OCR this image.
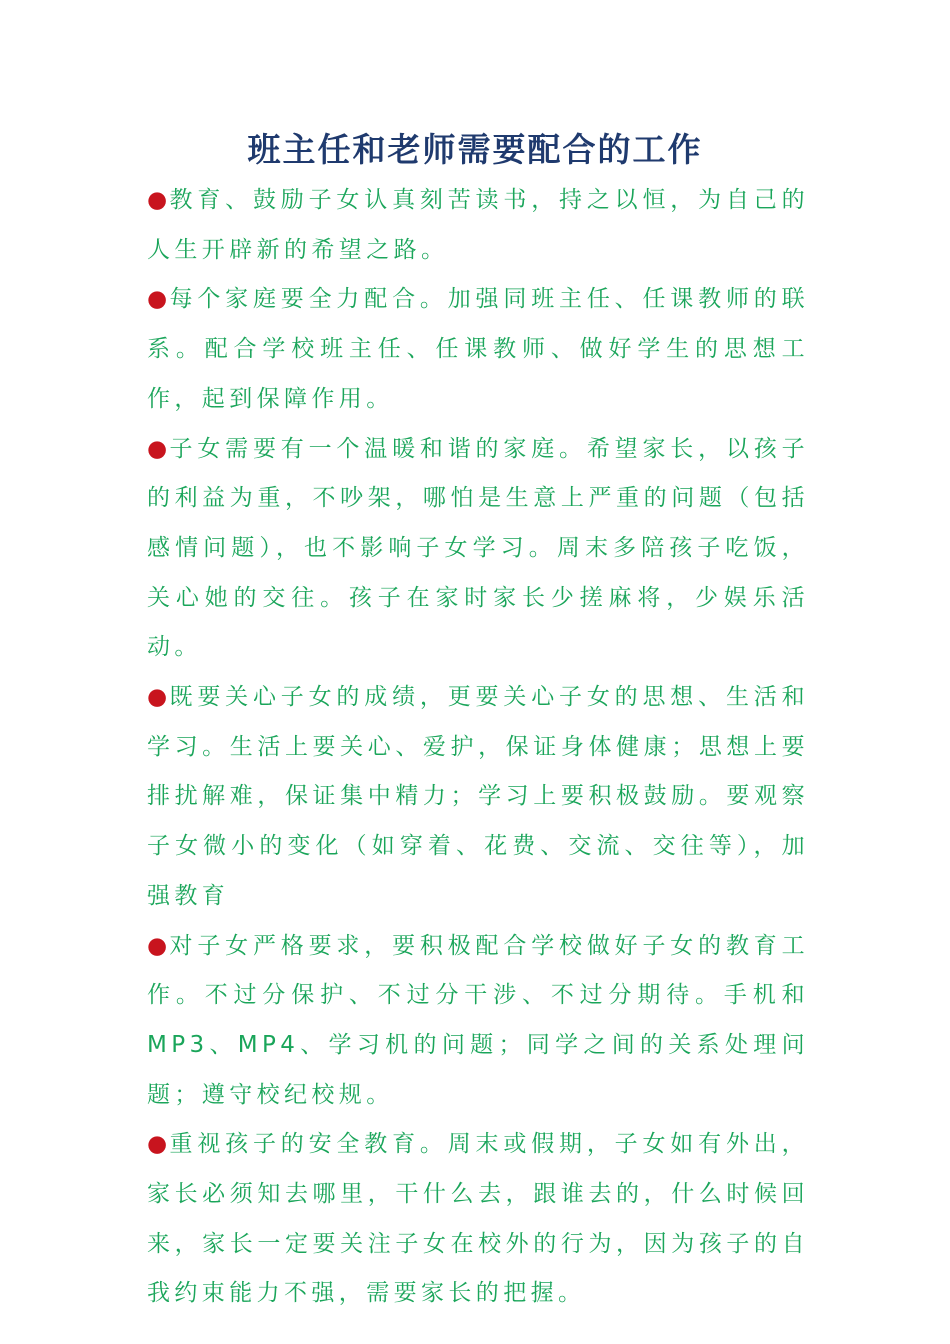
班主任和老师需要配合的工作

●教育、鼓励子女认真刻苦读书，持之以恒，为自己的人生开辟新的希望之路。

●每个家庭要全力配合。加强同班主任、任课教师的联系。配合学校班主任、任课教师、做好学生的思想工作，起到保障作用。

●子女需要有一个温暖和谐的家庭。希望家长，以孩子的利益为重，不吵架，哪怕是生意上严重的问题（包括感情问题），也不影响子女学习。周末多陪孩子吃饭，关心她的交往。孩子在家时家长少搓麻将，少娱乐活动。

●既要关心子女的成绩，更要关心子女的思想、生活和学习。生活上要关心、爱护，保证身体健康；思想上要排扰解难，保证集中精力；学习上要积极鼓励。要观察子女微小的变化（如穿着、花费、交流、交往等），加强教育

●对子女严格要求，要积极配合学校做好子女的教育工作。不过分保护、不过分干涉、不过分期待。手机和MP3、MP4、学习机的问题；同学之间的关系处理问题；遵守校纪校规。

●重视孩子的安全教育。周末或假期，子女如有外出，家长必须知去哪里，干什么去，跟谁去的，什么时候回来，家长一定要关注子女在校外的行为，因为孩子的自我约束能力不强，需要家长的把握。
